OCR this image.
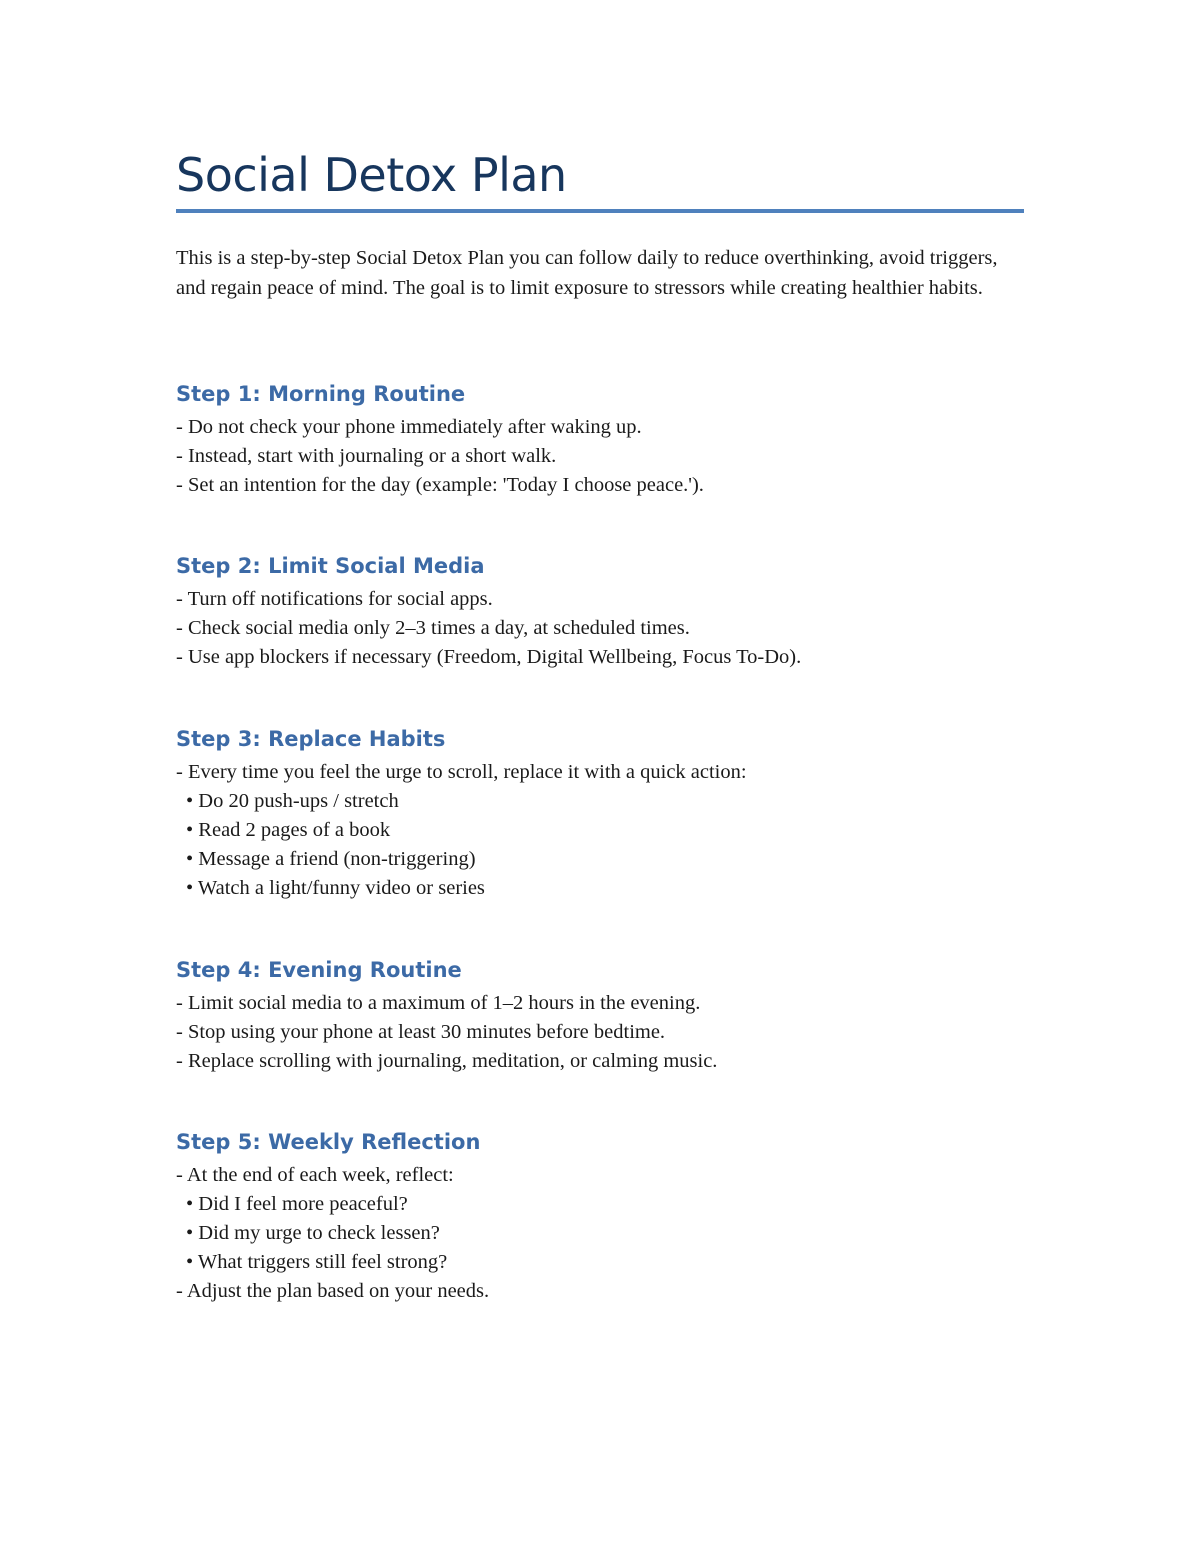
Social Detox Plan

This is a step-by-step Social Detox Plan you can follow daily to reduce overthinking, avoid triggers, and regain peace of mind. The goal is to limit exposure to stressors while creating healthier habits.

Step 1: Morning Routine
- Do not check your phone immediately after waking up.
- Instead, start with journaling or a short walk.
- Set an intention for the day (example: 'Today I choose peace.').
Step 2: Limit Social Media
- Turn off notifications for social apps.
- Check social media only 2–3 times a day, at scheduled times.
- Use app blockers if necessary (Freedom, Digital Wellbeing, Focus To-Do).
Step 3: Replace Habits
- Every time you feel the urge to scroll, replace it with a quick action:
• Do 20 push-ups / stretch
• Read 2 pages of a book
• Message a friend (non-triggering)
• Watch a light/funny video or series
Step 4: Evening Routine
- Limit social media to a maximum of 1–2 hours in the evening.
- Stop using your phone at least 30 minutes before bedtime.
- Replace scrolling with journaling, meditation, or calming music.
Step 5: Weekly Reflection
- At the end of each week, reflect:
• Did I feel more peaceful?
• Did my urge to check lessen?
• What triggers still feel strong?
- Adjust the plan based on your needs.
